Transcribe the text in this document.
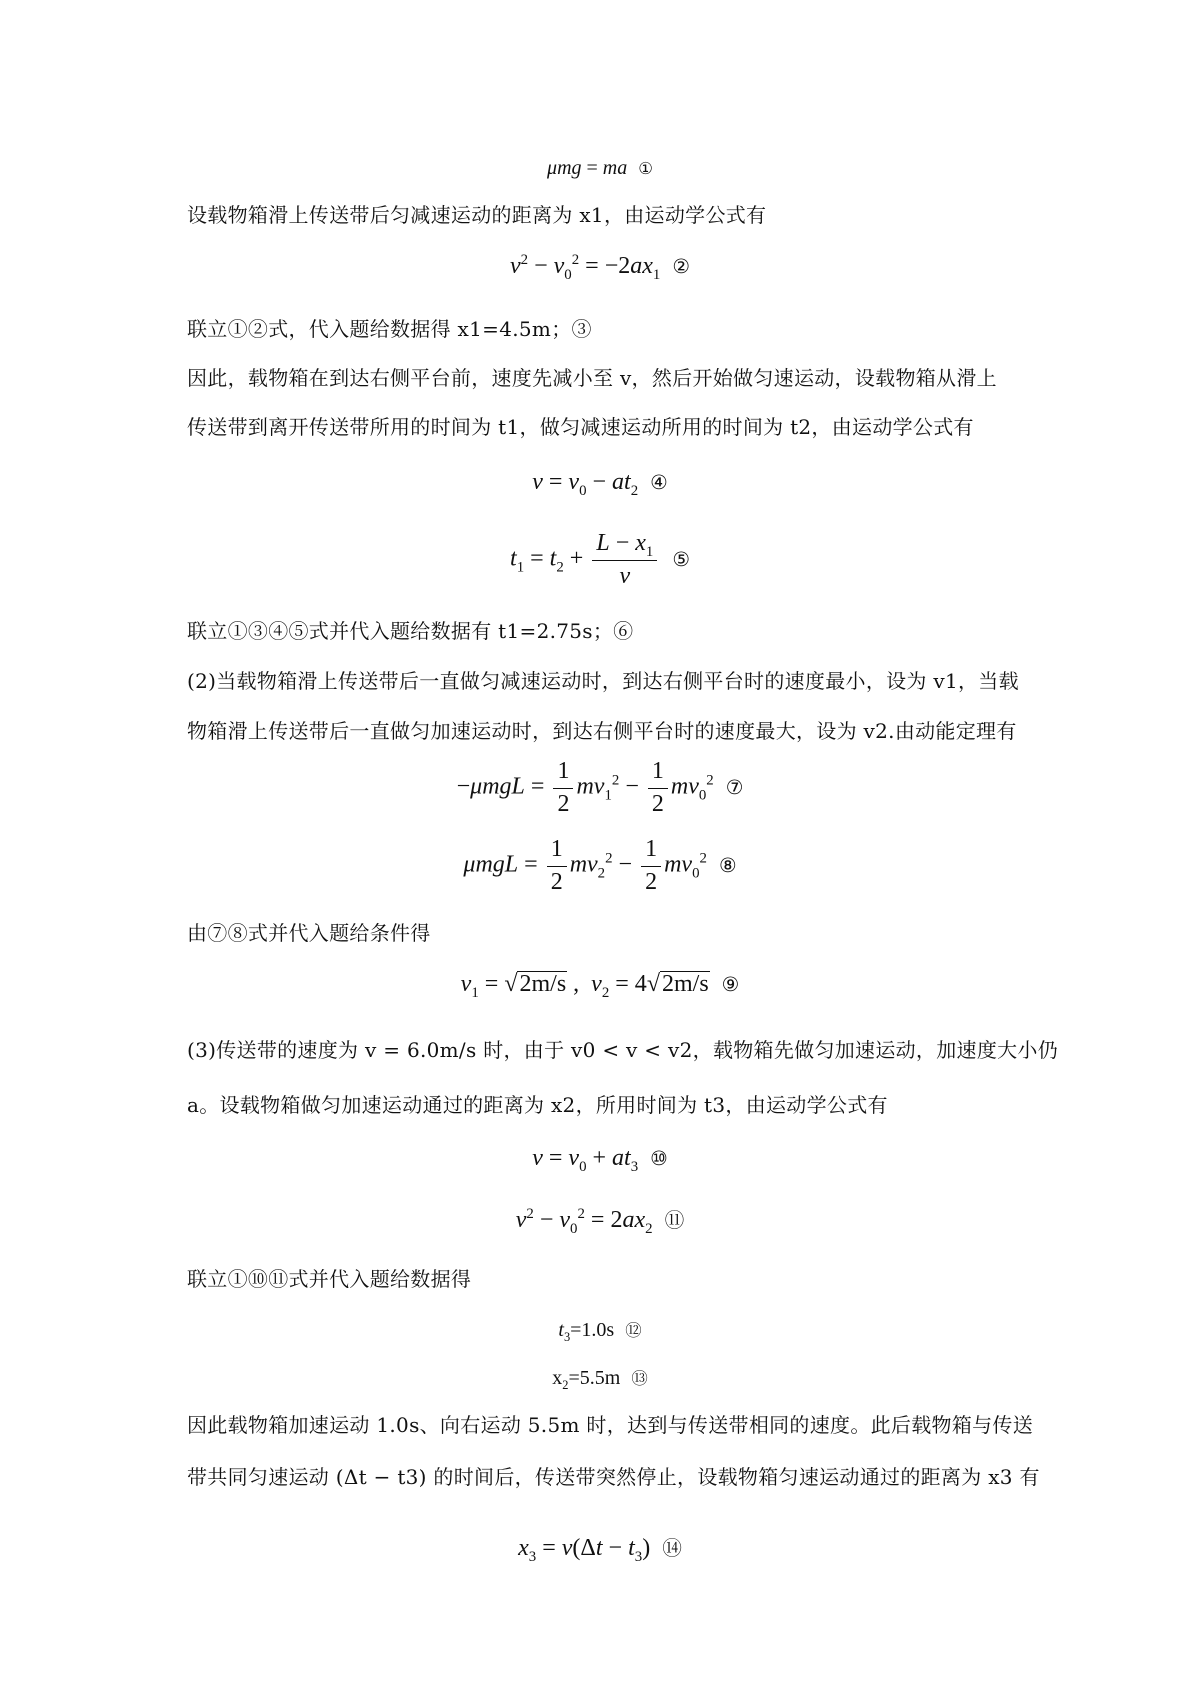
μmg = ma ①
设载物箱滑上传送带后匀减速运动的距离为 x1，由运动学公式有
$v^2 - v_0^2 = -2ax_1$ ②
联立①②式，代入题给数据得 x1=4.5m；③
因此，载物箱在到达右侧平台前，速度先减小至 v，然后开始做匀速运动，设载物箱从滑上
传送带到离开传送带所用的时间为 t1，做匀减速运动所用的时间为 t2，由运动学公式有
$v = v_0 - at_2$ ④
$t_1 = t_2 + \frac{L - x_1}{v}$ ⑤
联立①③④⑤式并代入题给数据有 t1=2.75s；⑥
(2)当载物箱滑上传送带后一直做匀减速运动时，到达右侧平台时的速度最小，设为 v1，当载
物箱滑上传送带后一直做匀加速运动时，到达右侧平台时的速度最大，设为 v2.由动能定理有
$-\mu mgL = \frac{1}{2} mv_1^2 - \frac{1}{2} mv_0^2$ ⑦
$\mu mgL = \frac{1}{2} mv_2^2 - \frac{1}{2} mv_0^2$ ⑧
由⑦⑧式并代入题给条件得
$v_1 = √2m/s$ ,  $v_2 = 4√2m/s$ ⑨
(3)传送带的速度为 v = 6.0m/s 时，由于 v0 < v < v2，载物箱先做匀加速运动，加速度大小仍
a。设载物箱做匀加速运动通过的距离为 x2，所用时间为 t3，由运动学公式有
$v = v_0 + at_3$ ⑩
$v^2 - v_0^2 = 2ax_2$ ⑪
联立①⑩⑪式并代入题给数据得
$t_3=1.0s$ ⑫
$x_2=5.5m$ ⑬
因此载物箱加速运动 1.0s、向右运动 5.5m 时，达到与传送带相同的速度。此后载物箱与传送
带共同匀速运动 (Δt − t3) 的时间后，传送带突然停止，设载物箱匀速运动通过的距离为 x3 有
$x_3 = v(\Delta t - t_3)$ ⑭
